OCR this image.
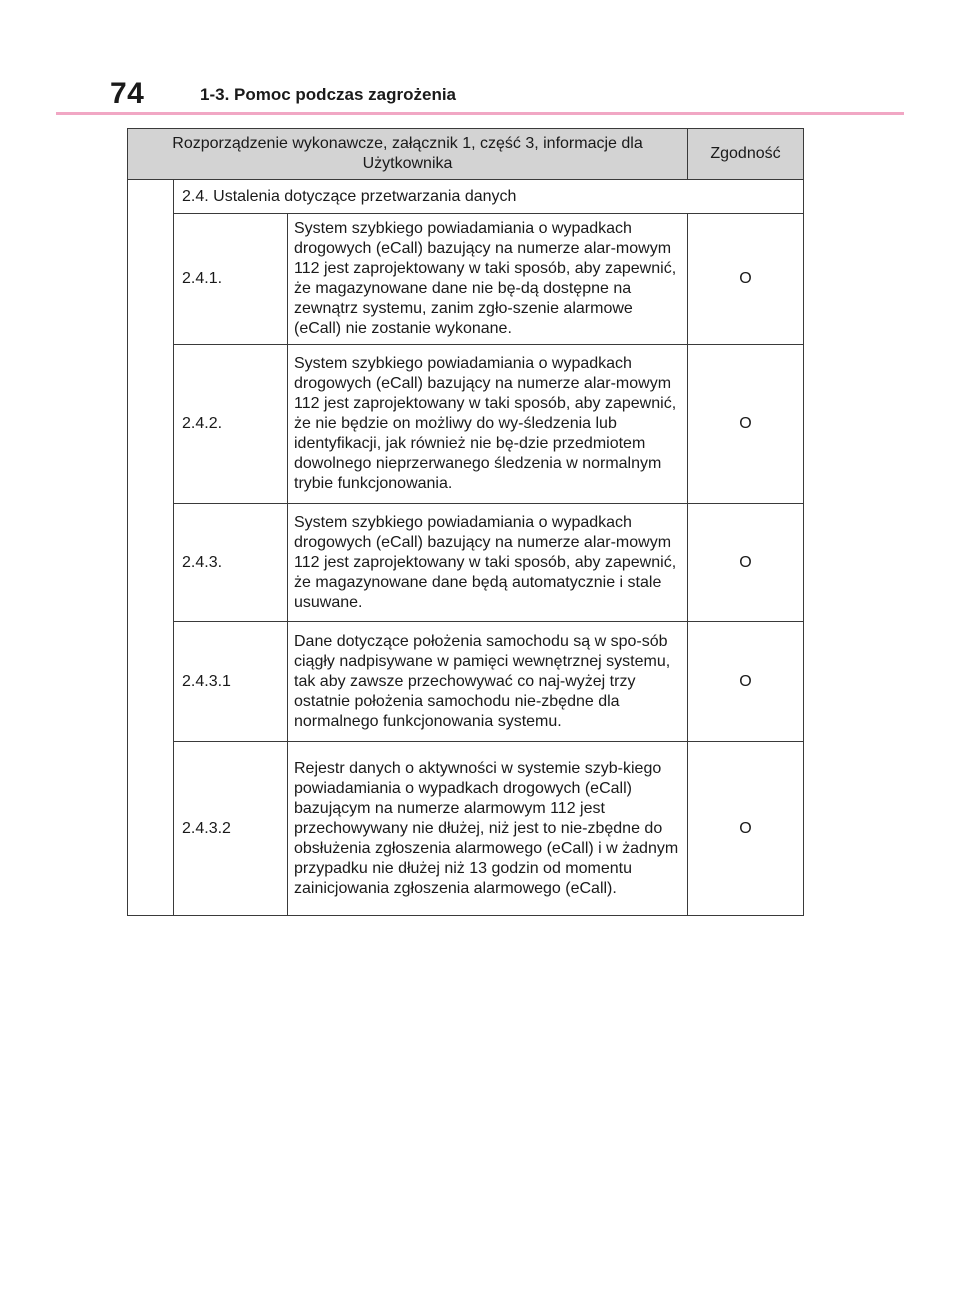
74	1-3. Pomoc podczas zagrożenia
Rozporządzenie wykonawcze, załącznik 1, część 3, informacje dla Użytkownika			Zgodność
	2.4. Ustalenia dotyczące przetwarzania danych		
	2.4.1.	System szybkiego powiadamiania o wypadkach drogowych (eCall) bazujący na numerze alar-mowym 112 jest zaprojektowany w taki sposób, aby zapewnić, że magazynowane dane nie bę-dą dostępne na zewnątrz systemu, zanim zgło-szenie alarmowe (eCall) nie zostanie wykonane.	O
	2.4.2.	System szybkiego powiadamiania o wypadkach drogowych (eCall) bazujący na numerze alar-mowym 112 jest zaprojektowany w taki sposób, aby zapewnić, że nie będzie on możliwy do wy-śledzenia lub identyfikacji, jak również nie bę-dzie przedmiotem dowolnego nieprzerwanego śledzenia w normalnym trybie funkcjonowania.	O
	2.4.3.	System szybkiego powiadamiania o wypadkach drogowych (eCall) bazujący na numerze alar-mowym 112 jest zaprojektowany w taki sposób, aby zapewnić, że magazynowane dane będą automatycznie i stale usuwane.	O
	2.4.3.1	Dane dotyczące położenia samochodu są w spo-sób ciągły nadpisywane w pamięci wewnętrznej systemu, tak aby zawsze przechowywać co naj-wyżej trzy ostatnie położenia samochodu nie-zbędne dla normalnego funkcjonowania systemu.	O
	2.4.3.2	Rejestr danych o aktywności w systemie szyb-kiego powiadamiania o wypadkach drogowych (eCall) bazującym na numerze alarmowym 112 jest przechowywany nie dłużej, niż jest to nie-zbędne do obsłużenia zgłoszenia alarmowego (eCall) i w żadnym przypadku nie dłużej niż 13 godzin od momentu zainicjowania zgłoszenia alarmowego (eCall).	O
